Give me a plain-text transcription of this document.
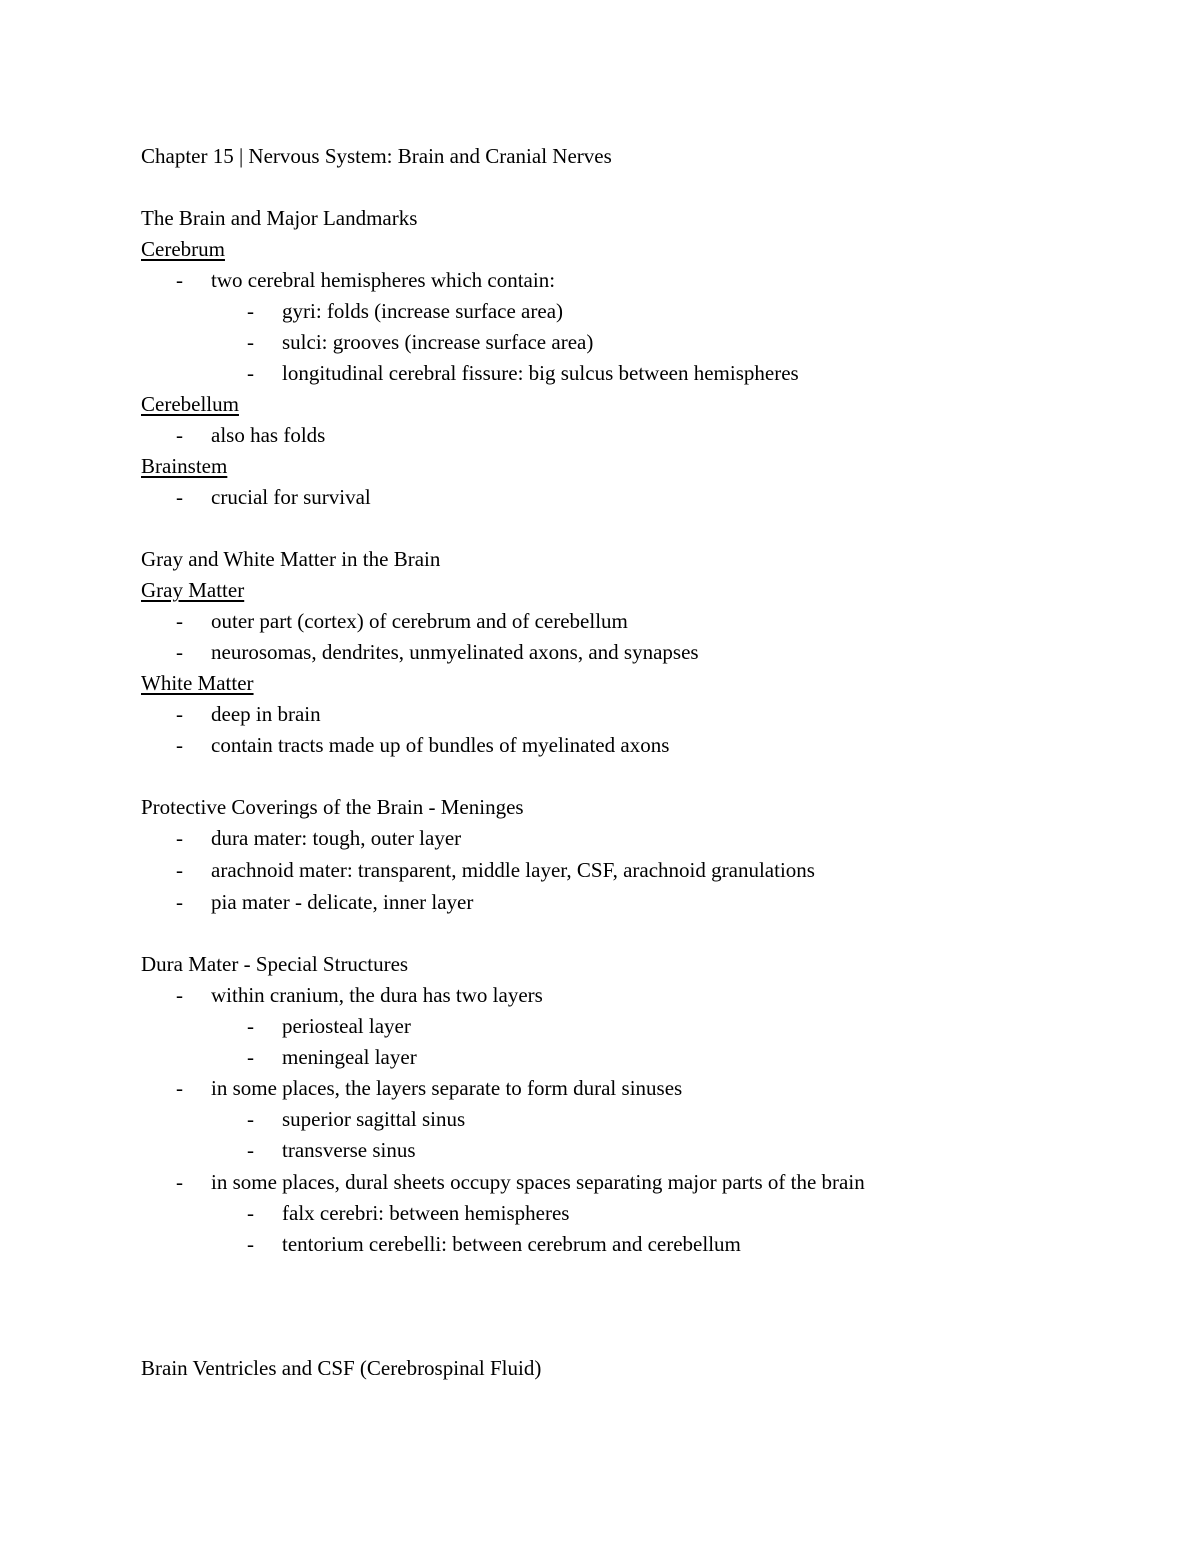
Chapter 15 | Nervous System: Brain and Cranial Nerves
The Brain and Major Landmarks
Cerebrum
-	two cerebral hemispheres which contain:
-	gyri: folds (increase surface area)
-	sulci: grooves (increase surface area)
-	longitudinal cerebral fissure: big sulcus between hemispheres
Cerebellum
-	also has folds
Brainstem
-	crucial for survival
Gray and White Matter in the Brain
Gray Matter
-	outer part (cortex) of cerebrum and of cerebellum
-	neurosomas, dendrites, unmyelinated axons, and synapses
White Matter
-	deep in brain
-	contain tracts made up of bundles of myelinated axons
Protective Coverings of the Brain - Meninges
-	dura mater: tough, outer layer
-	arachnoid mater: transparent, middle layer, CSF, arachnoid granulations
-	pia mater - delicate, inner layer
Dura Mater - Special Structures
-	within cranium, the dura has two layers
-	periosteal layer
-	meningeal layer
-	in some places, the layers separate to form dural sinuses
-	superior sagittal sinus
-	transverse sinus
-	in some places, dural sheets occupy spaces separating major parts of the brain
-	falx cerebri: between hemispheres
-	tentorium cerebelli: between cerebrum and cerebellum
Brain Ventricles and CSF (Cerebrospinal Fluid)
